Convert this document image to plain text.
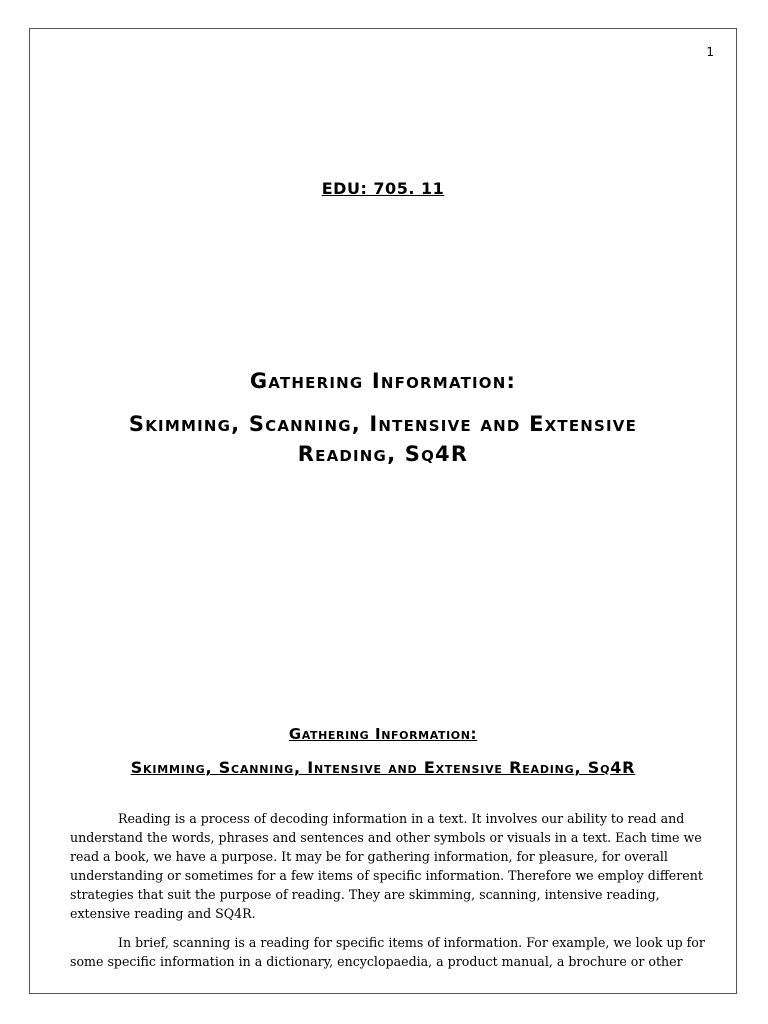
1
EDU: 705. 11
Gathering Information:
Skimming, Scanning, Intensive and Extensive Reading, Sq4R
Gathering Information:
Skimming, Scanning, Intensive and Extensive Reading, Sq4R

Reading is a process of decoding information in a text. It involves our ability to read and understand the words, phrases and sentences and other symbols or visuals in a text. Each time we read a book, we have a purpose. It may be for gathering information, for pleasure, for overall understanding or sometimes for a few items of specific information. Therefore we employ different strategies that suit the purpose of reading. They are skimming, scanning, intensive reading, extensive reading and SQ4R.

In brief, scanning is a reading for specific items of information. For example, we look up for some specific information in a dictionary, encyclopaedia, a product manual, a brochure or other
